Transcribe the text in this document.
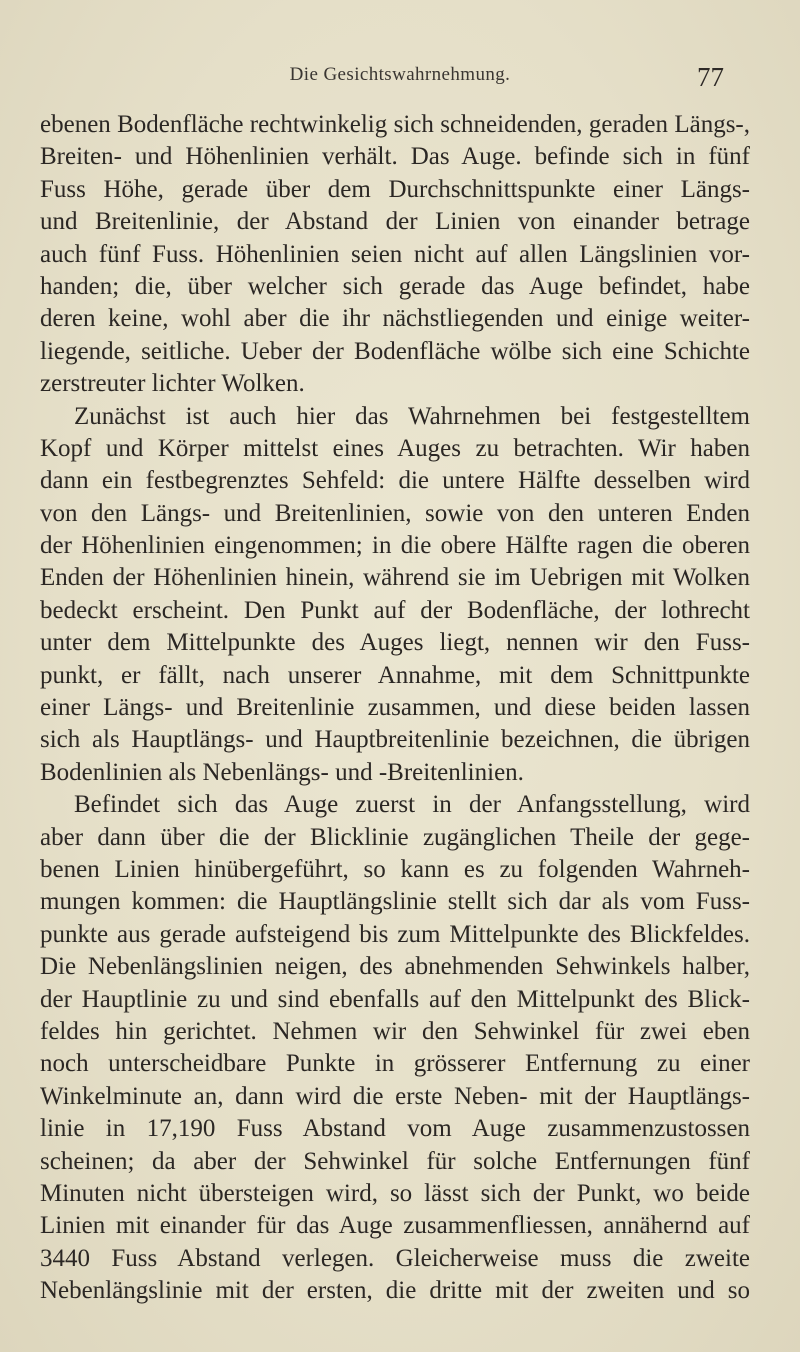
Die Gesichtswahrnehmung.	77
ebenen Bodenfläche rechtwinkelig sich schneidenden, geraden Längs-,
Breiten- und Höhenlinien verhält. Das Auge. befinde sich in fünf
Fuss Höhe, gerade über dem Durchschnittspunkte einer Längs-
und Breitenlinie, der Abstand der Linien von einander betrage
auch fünf Fuss. Höhenlinien seien nicht auf allen Längslinien vor-
handen; die, über welcher sich gerade das Auge befindet, habe
deren keine, wohl aber die ihr nächstliegenden und einige weiter-
liegende, seitliche. Ueber der Bodenfläche wölbe sich eine Schichte
zerstreuter lichter Wolken.
Zunächst ist auch hier das Wahrnehmen bei festgestelltem
Kopf und Körper mittelst eines Auges zu betrachten. Wir haben
dann ein festbegrenztes Sehfeld: die untere Hälfte desselben wird
von den Längs- und Breitenlinien, sowie von den unteren Enden
der Höhenlinien eingenommen; in die obere Hälfte ragen die oberen
Enden der Höhenlinien hinein, während sie im Uebrigen mit Wolken
bedeckt erscheint. Den Punkt auf der Bodenfläche, der lothrecht
unter dem Mittelpunkte des Auges liegt, nennen wir den Fuss-
punkt, er fällt, nach unserer Annahme, mit dem Schnittpunkte
einer Längs- und Breitenlinie zusammen, und diese beiden lassen
sich als Hauptlängs- und Hauptbreitenlinie bezeichnen, die übrigen
Bodenlinien als Nebenlängs- und -Breitenlinien.
Befindet sich das Auge zuerst in der Anfangsstellung, wird
aber dann über die der Blicklinie zugänglichen Theile der gege-
benen Linien hinübergeführt, so kann es zu folgenden Wahrneh-
mungen kommen: die Hauptlängslinie stellt sich dar als vom Fuss-
punkte aus gerade aufsteigend bis zum Mittelpunkte des Blickfeldes.
Die Nebenlängslinien neigen, des abnehmenden Sehwinkels halber,
der Hauptlinie zu und sind ebenfalls auf den Mittelpunkt des Blick-
feldes hin gerichtet. Nehmen wir den Sehwinkel für zwei eben
noch unterscheidbare Punkte in grösserer Entfernung zu einer
Winkelminute an, dann wird die erste Neben- mit der Hauptlängs-
linie in 17,190 Fuss Abstand vom Auge zusammenzustossen
scheinen; da aber der Sehwinkel für solche Entfernungen fünf
Minuten nicht übersteigen wird, so lässt sich der Punkt, wo beide
Linien mit einander für das Auge zusammenfliessen, annähernd auf
3440 Fuss Abstand verlegen. Gleicherweise muss die zweite
Nebenlängslinie mit der ersten, die dritte mit der zweiten und so
